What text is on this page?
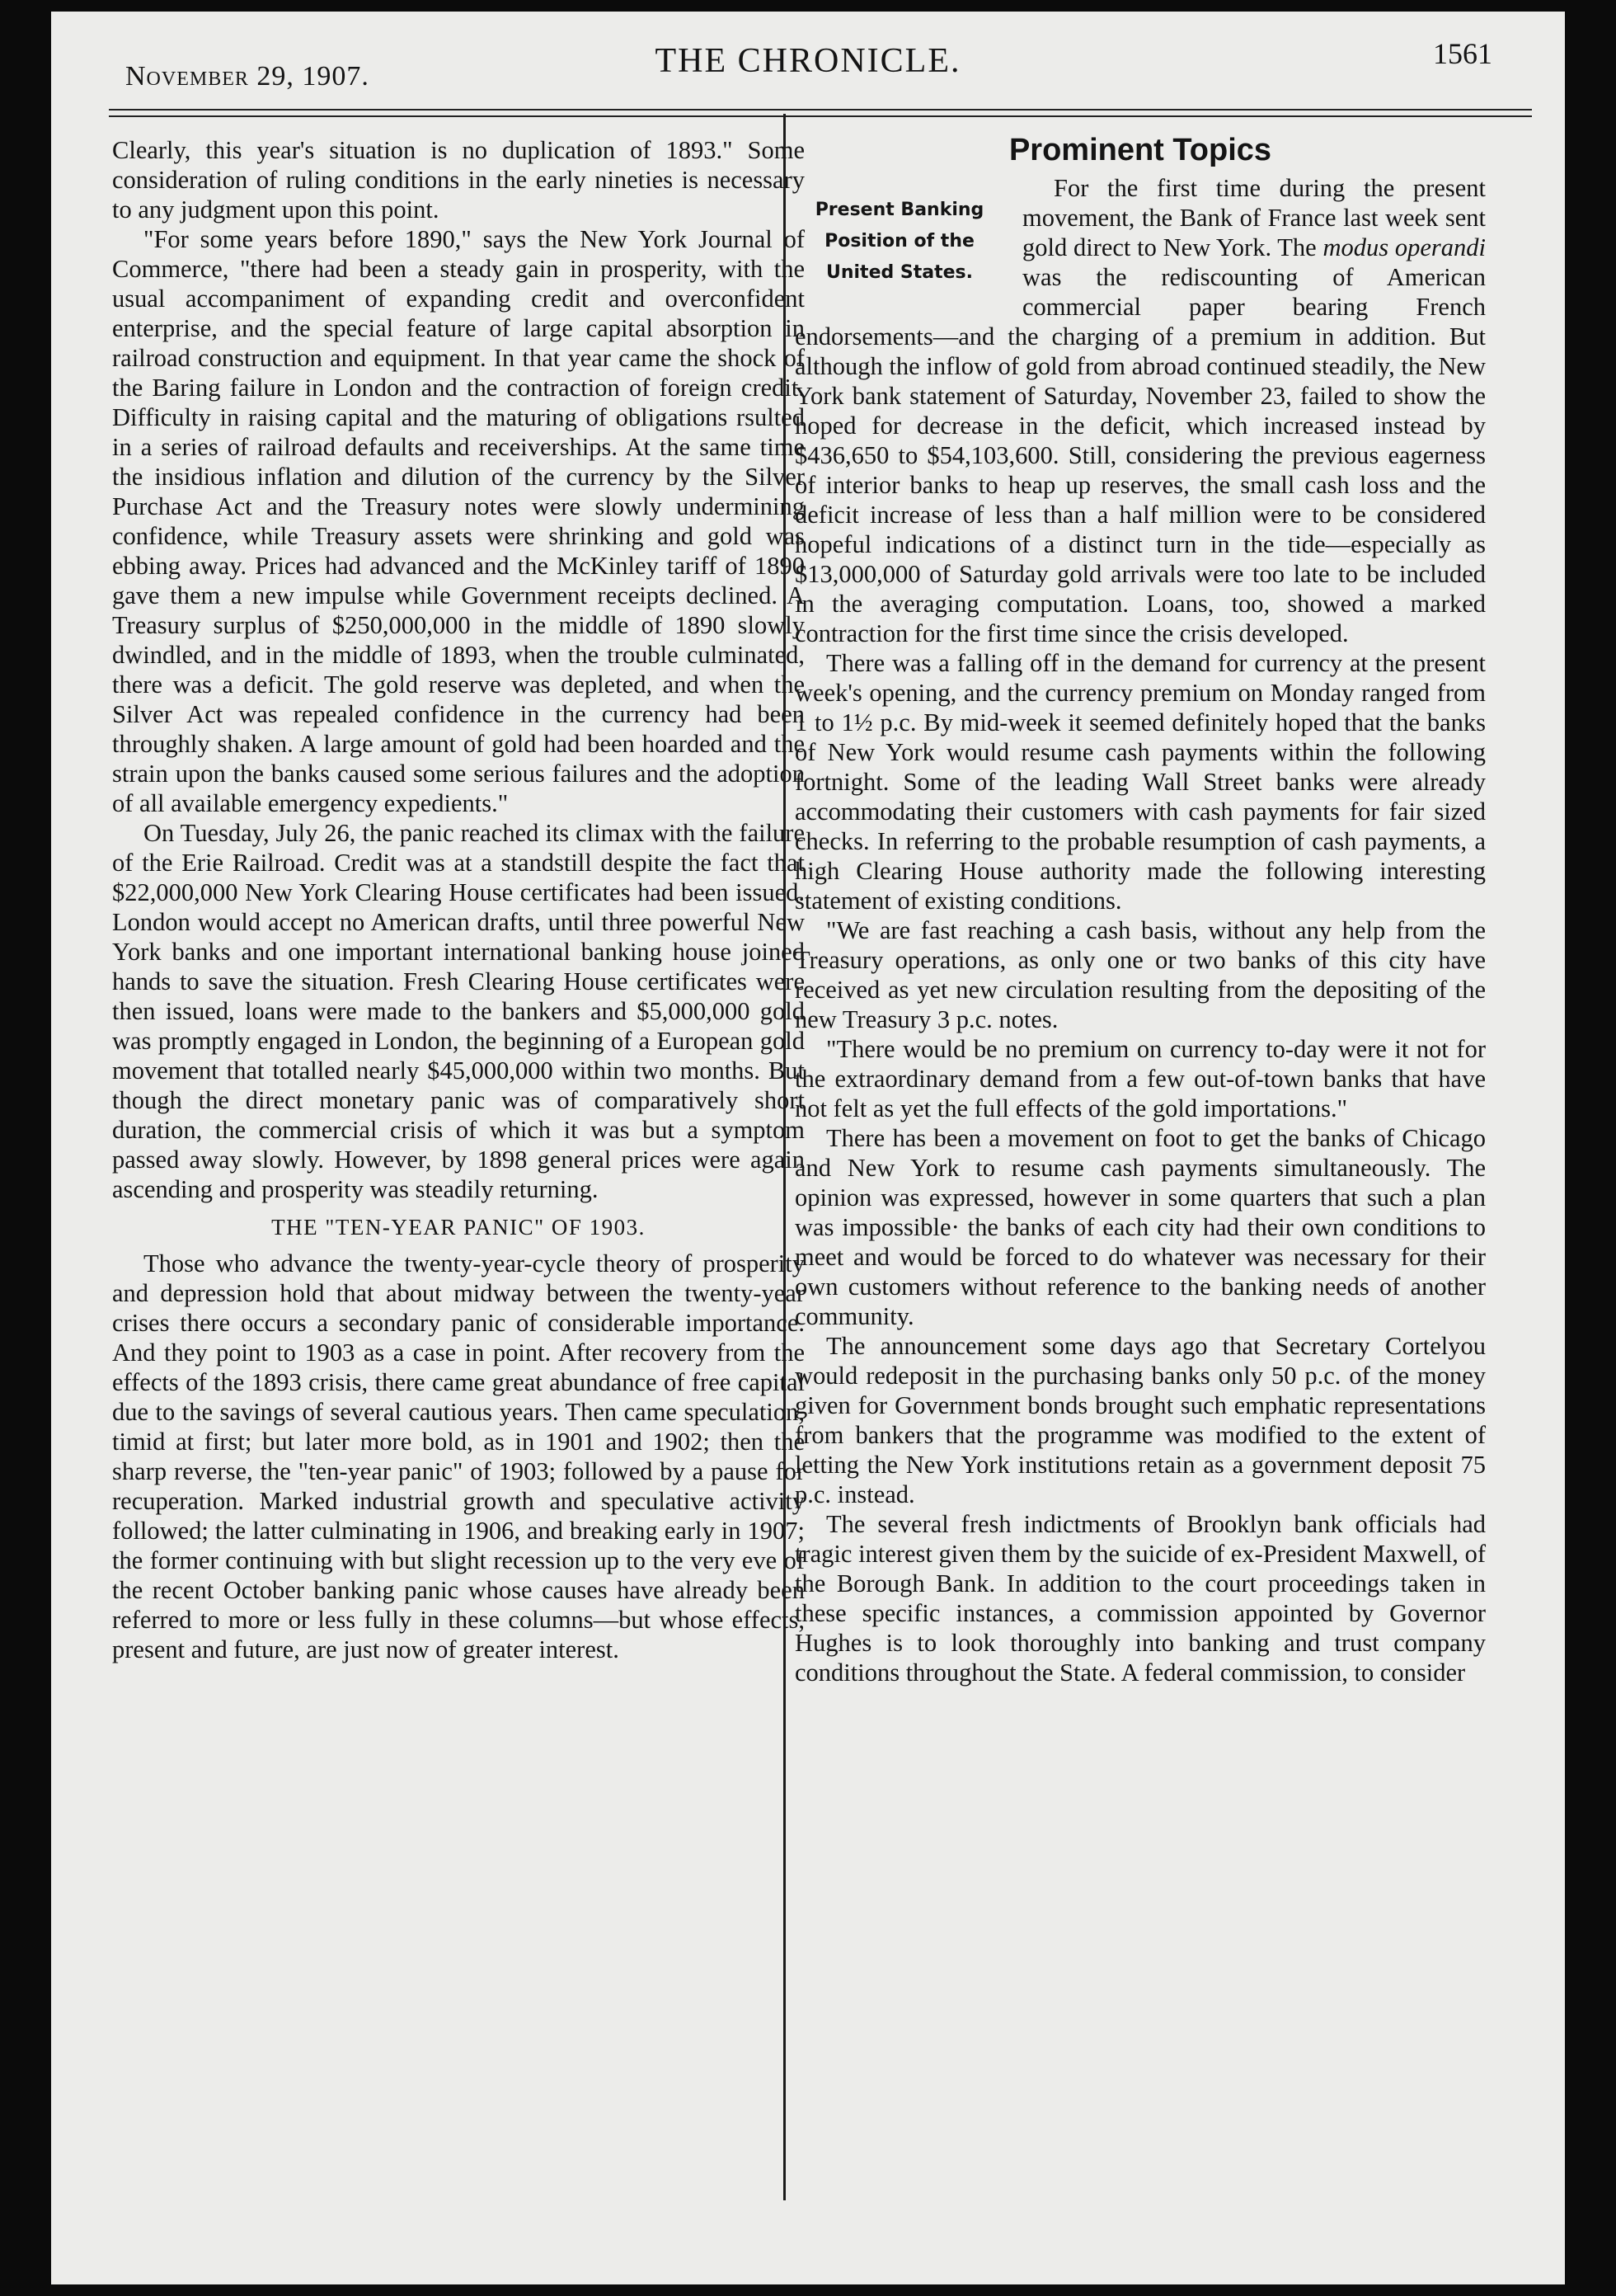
November 29, 1907.	THE CHRONICLE.	1561

Clearly, this year's situation is no duplication of 1893." Some consideration of ruling conditions in the early nineties is necessary to any judgment upon this point.

"For some years before 1890," says the New York Journal of Commerce, "there had been a steady gain in prosperity, with the usual accompaniment of expanding credit and overconfident enterprise, and the special feature of large capital absorption in railroad construction and equipment. In that year came the shock of the Baring failure in London and the contraction of foreign credit. Difficulty in raising capital and the maturing of obligations rsulted in a series of railroad defaults and receiverships. At the same time the insidious inflation and dilution of the currency by the Silver Purchase Act and the Treasury notes were slowly undermining confidence, while Treasury assets were shrinking and gold was ebbing away. Prices had advanced and the McKinley tariff of 1890 gave them a new impulse while Government receipts declined. A Treasury surplus of $250,000,000 in the middle of 1890 slowly dwindled, and in the middle of 1893, when the trouble culminated, there was a deficit. The gold reserve was depleted, and when the Silver Act was repealed confidence in the currency had been throughly shaken. A large amount of gold had been hoarded and the strain upon the banks caused some serious failures and the adoption of all available emergency expedients."

On Tuesday, July 26, the panic reached its climax with the failure of the Erie Railroad. Credit was at a standstill despite the fact that $22,000,000 New York Clearing House certificates had been issued. London would accept no American drafts, until three powerful New York banks and one important international banking house joined hands to save the situation. Fresh Clearing House certificates were then issued, loans were made to the bankers and $5,000,000 gold was promptly engaged in London, the beginning of a European gold movement that totalled nearly $45,000,000 within two months. But though the direct monetary panic was of comparatively short duration, the commercial crisis of which it was but a symptom passed away slowly. However, by 1898 general prices were again ascending and prosperity was steadily returning.

THE "TEN-YEAR PANIC" OF 1903.

Those who advance the twenty-year-cycle theory of prosperity and depression hold that about midway between the twenty-year crises there occurs a secondary panic of considerable importance. And they point to 1903 as a case in point. After recovery from the effects of the 1893 crisis, there came great abundance of free capital due to the savings of several cautious years. Then came speculation, timid at first; but later more bold, as in 1901 and 1902; then the sharp reverse, the "ten-year panic" of 1903; followed by a pause for recuperation. Marked industrial growth and speculative activity followed; the latter culminating in 1906, and breaking early in 1907; the former continuing with but slight recession up to the very eve of the recent October banking panic whose causes have already been referred to more or less fully in these columns—but whose effects, present and future, are just now of greater interest.

Prominent Topics
Present Banking
Position of the
United States.

For the first time during the present movement, the Bank of France last week sent gold direct to New York. The modus operandi was the rediscounting of American commercial paper bearing French endorsements—and the charging of a premium in addition. But although the inflow of gold from abroad continued steadily, the New York bank statement of Saturday, November 23, failed to show the hoped for decrease in the deficit, which increased instead by $436,650 to $54,103,600. Still, considering the previous eagerness of interior banks to heap up reserves, the small cash loss and the deficit increase of less than a half million were to be considered hopeful indications of a distinct turn in the tide—especially as $13,000,000 of Saturday gold arrivals were too late to be included in the averaging computation. Loans, too, showed a marked contraction for the first time since the crisis developed.

There was a falling off in the demand for currency at the present week's opening, and the currency premium on Monday ranged from 1 to 1½ p.c. By mid-week it seemed definitely hoped that the banks of New York would resume cash payments within the following fortnight. Some of the leading Wall Street banks were already accommodating their customers with cash payments for fair sized checks. In referring to the probable resumption of cash payments, a high Clearing House authority made the following interesting statement of existing conditions.

"We are fast reaching a cash basis, without any help from the Treasury operations, as only one or two banks of this city have received as yet new circulation resulting from the depositing of the new Treasury 3 p.c. notes.

"There would be no premium on currency to-day were it not for the extraordinary demand from a few out-of-town banks that have not felt as yet the full effects of the gold importations."

There has been a movement on foot to get the banks of Chicago and New York to resume cash payments simultaneously. The opinion was expressed, however in some quarters that such a plan was impossible· the banks of each city had their own conditions to meet and would be forced to do whatever was necessary for their own customers without reference to the banking needs of another community.

The announcement some days ago that Secretary Cortelyou would redeposit in the purchasing banks only 50 p.c. of the money given for Government bonds brought such emphatic representations from bankers that the programme was modified to the extent of letting the New York institutions retain as a government deposit 75 p.c. instead.

The several fresh indictments of Brooklyn bank officials had tragic interest given them by the suicide of ex-President Maxwell, of the Borough Bank. In addition to the court proceedings taken in these specific instances, a commission appointed by Governor Hughes is to look thoroughly into banking and trust company conditions throughout the State. A federal commission, to consider
